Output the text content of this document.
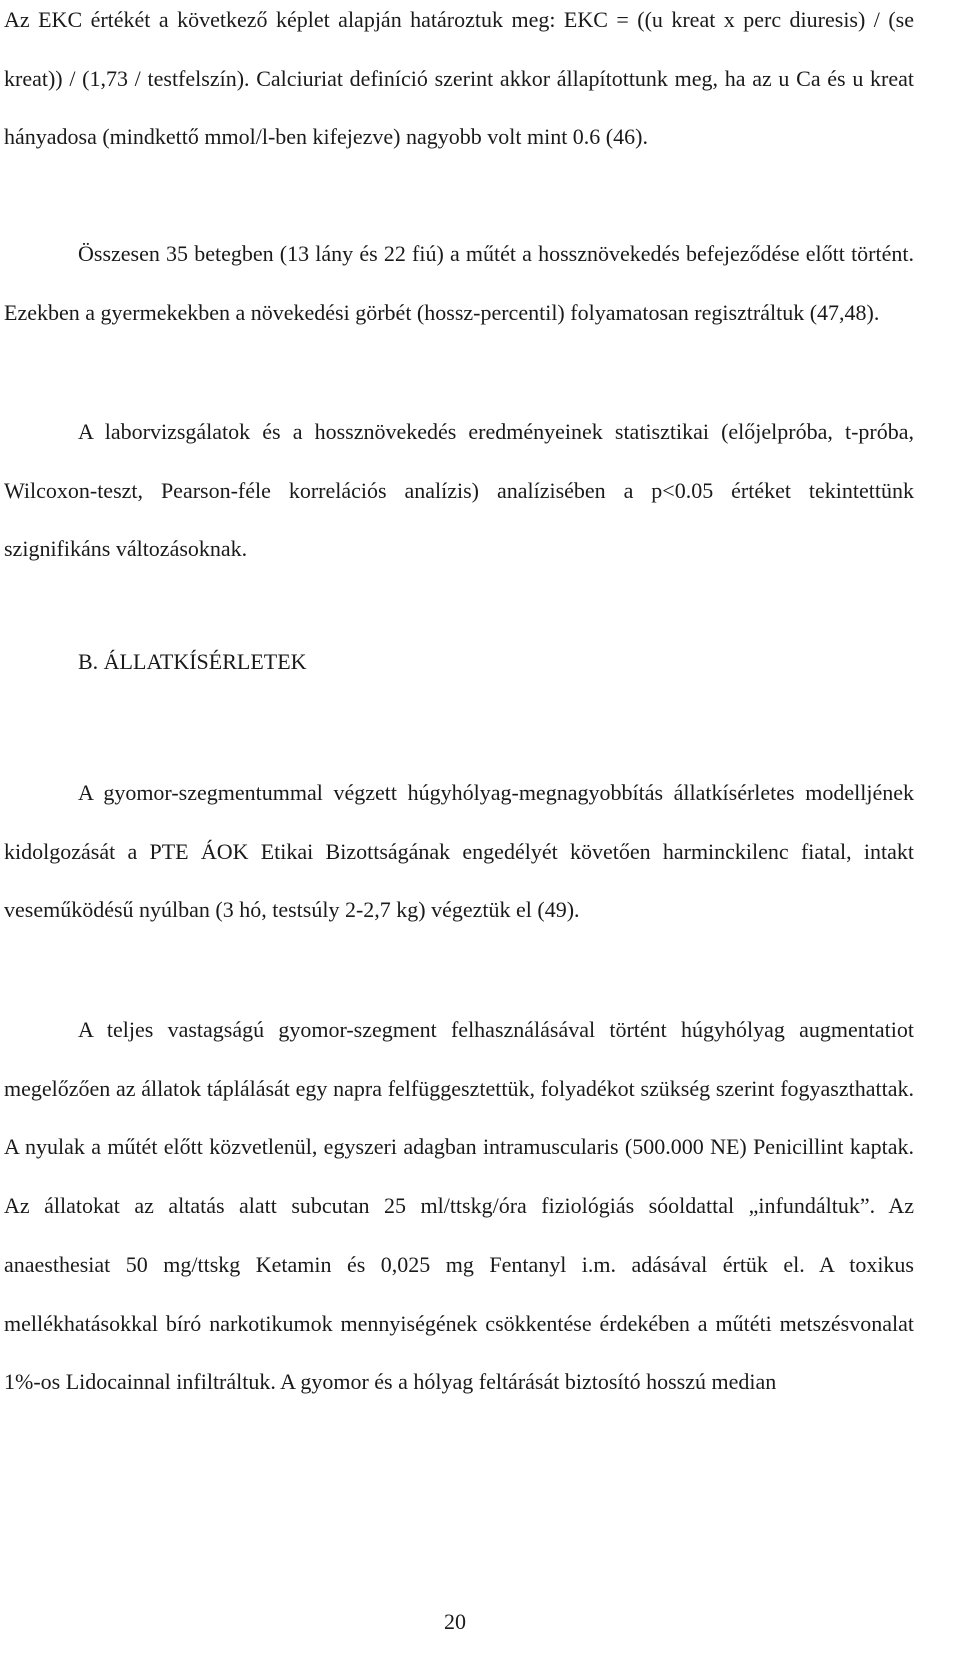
Az EKC értékét a következő képlet alapján határoztuk meg: EKC = ((u kreat x perc diuresis) / (se kreat)) / (1,73 / testfelszín). Calciuriat definíció szerint akkor állapítottunk meg, ha az u Ca és u kreat hányadosa (mindkettő mmol/l-ben kifejezve) nagyobb volt mint 0.6 (46).

Összesen 35 betegben (13 lány és 22 fiú) a műtét a hossznövekedés befejeződése előtt történt. Ezekben a gyermekekben a növekedési görbét (hossz-percentil) folyamatosan regisztráltuk (47,48).

A laborvizsgálatok és a hossznövekedés eredményeinek statisztikai (előjelpróba, t-próba, Wilcoxon-teszt, Pearson-féle korrelációs analízis) analízisében a p<0.05 értéket tekintettünk szignifikáns változásoknak.

B. ÁLLATKÍSÉRLETEK

A gyomor-szegmentummal végzett húgyhólyag-megnagyobbítás állatkísérletes modelljének kidolgozását a PTE ÁOK Etikai Bizottságának engedélyét követően harminckilenc fiatal, intakt veseműködésű nyúlban (3 hó, testsúly 2-2,7 kg) végeztük el (49).

A teljes vastagságú gyomor-szegment felhasználásával történt húgyhólyag augmentatiot megelőzően az állatok táplálását egy napra felfüggesztettük, folyadékot szükség szerint fogyaszthattak. A nyulak a műtét előtt közvetlenül, egyszeri adagban intramuscularis (500.000 NE) Penicillint kaptak. Az állatokat az altatás alatt subcutan 25 ml/ttskg/óra fiziológiás sóoldattal „infundáltuk”. Az anaesthesiat 50 mg/ttskg Ketamin és 0,025 mg Fentanyl i.m. adásával értük el. A toxikus mellékhatásokkal bíró narkotikumok mennyiségének csökkentése érdekében a műtéti metszésvonalat 1%-os Lidocainnal infiltráltuk. A gyomor és a hólyag feltárását biztosító hosszú median

20
